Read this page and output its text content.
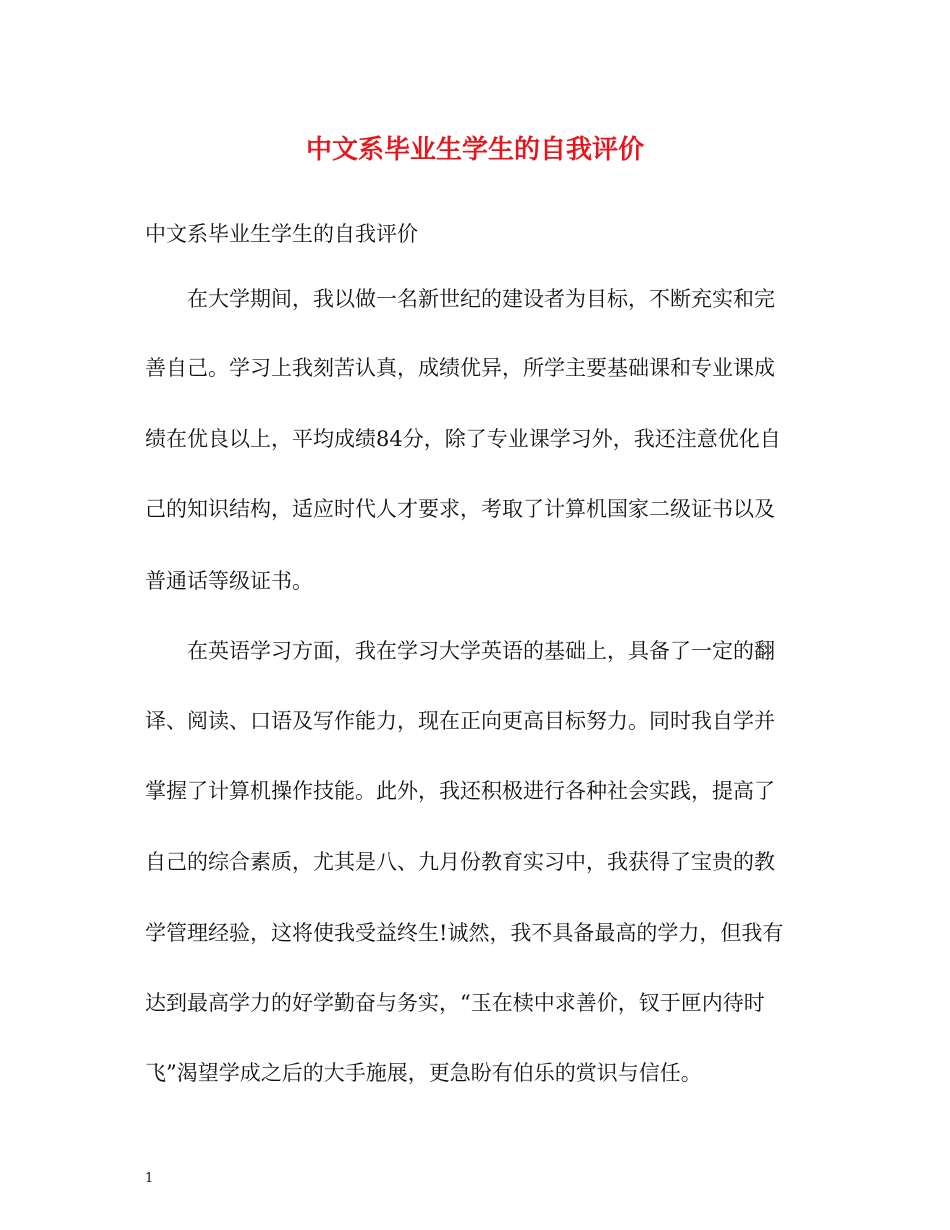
中文系毕业生学生的自我评价

中文系毕业生学生的自我评价

在大学期间，我以做一名新世纪的建设者为目标，不断充实和完

善自己。学习上我刻苦认真，成绩优异，所学主要基础课和专业课成

绩在优良以上，平均成绩84分，除了专业课学习外，我还注意优化自

己的知识结构，适应时代人才要求，考取了计算机国家二级证书以及

普通话等级证书。

在英语学习方面，我在学习大学英语的基础上，具备了一定的翻

译、阅读、口语及写作能力，现在正向更高目标努力。同时我自学并

掌握了计算机操作技能。此外，我还积极进行各种社会实践，提高了

自己的综合素质，尤其是八、九月份教育实习中，我获得了宝贵的教

学管理经验，这将使我受益终生!诚然，我不具备最高的学力，但我有

达到最高学力的好学勤奋与务实，“玉在椟中求善价，钗于匣内待时

飞”渴望学成之后的大手施展，更急盼有伯乐的赏识与信任。

1
